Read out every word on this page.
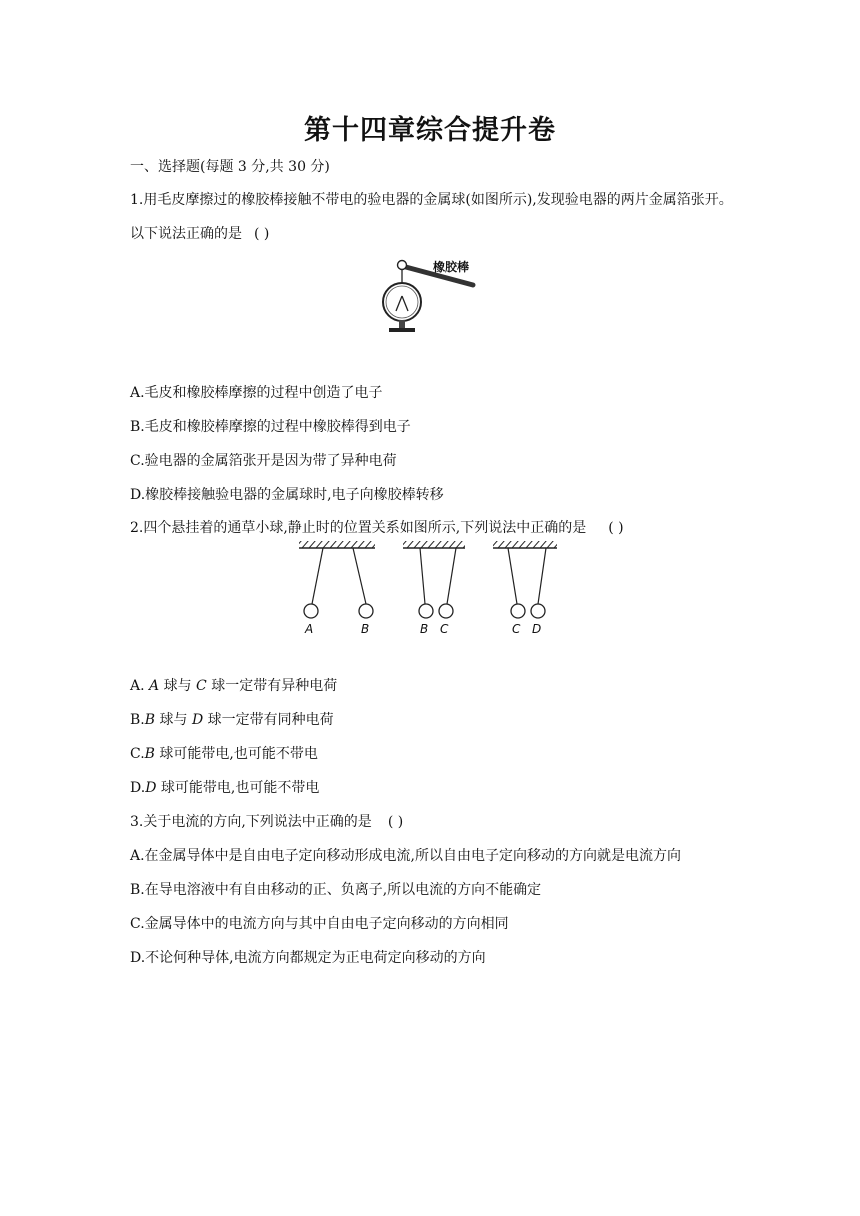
第十四章综合提升卷
一、选择题(每题 3 分,共 30 分)
1.用毛皮摩擦过的橡胶棒接触不带电的验电器的金属球(如图所示),发现验电器的两片金属箔张开。以下说法正确的是 ( )
橡胶棒
A.毛皮和橡胶棒摩擦的过程中创造了电子
B.毛皮和橡胶棒摩擦的过程中橡胶棒得到电子
C.验电器的金属箔张开是因为带了异种电荷
D.橡胶棒接触验电器的金属球时,电子向橡胶棒转移
2.四个悬挂着的通草小球,静止时的位置关系如图所示,下列说法中正确的是 ( )
A	B	B C	C D
A. A 球与 C 球一定带有异种电荷
B.B 球与 D 球一定带有同种电荷
C.B 球可能带电,也可能不带电
D.D 球可能带电,也可能不带电
3.关于电流的方向,下列说法中正确的是 ( )
A.在金属导体中是自由电子定向移动形成电流,所以自由电子定向移动的方向就是电流方向
B.在导电溶液中有自由移动的正、负离子,所以电流的方向不能确定
C.金属导体中的电流方向与其中自由电子定向移动的方向相同
D.不论何种导体,电流方向都规定为正电荷定向移动的方向
